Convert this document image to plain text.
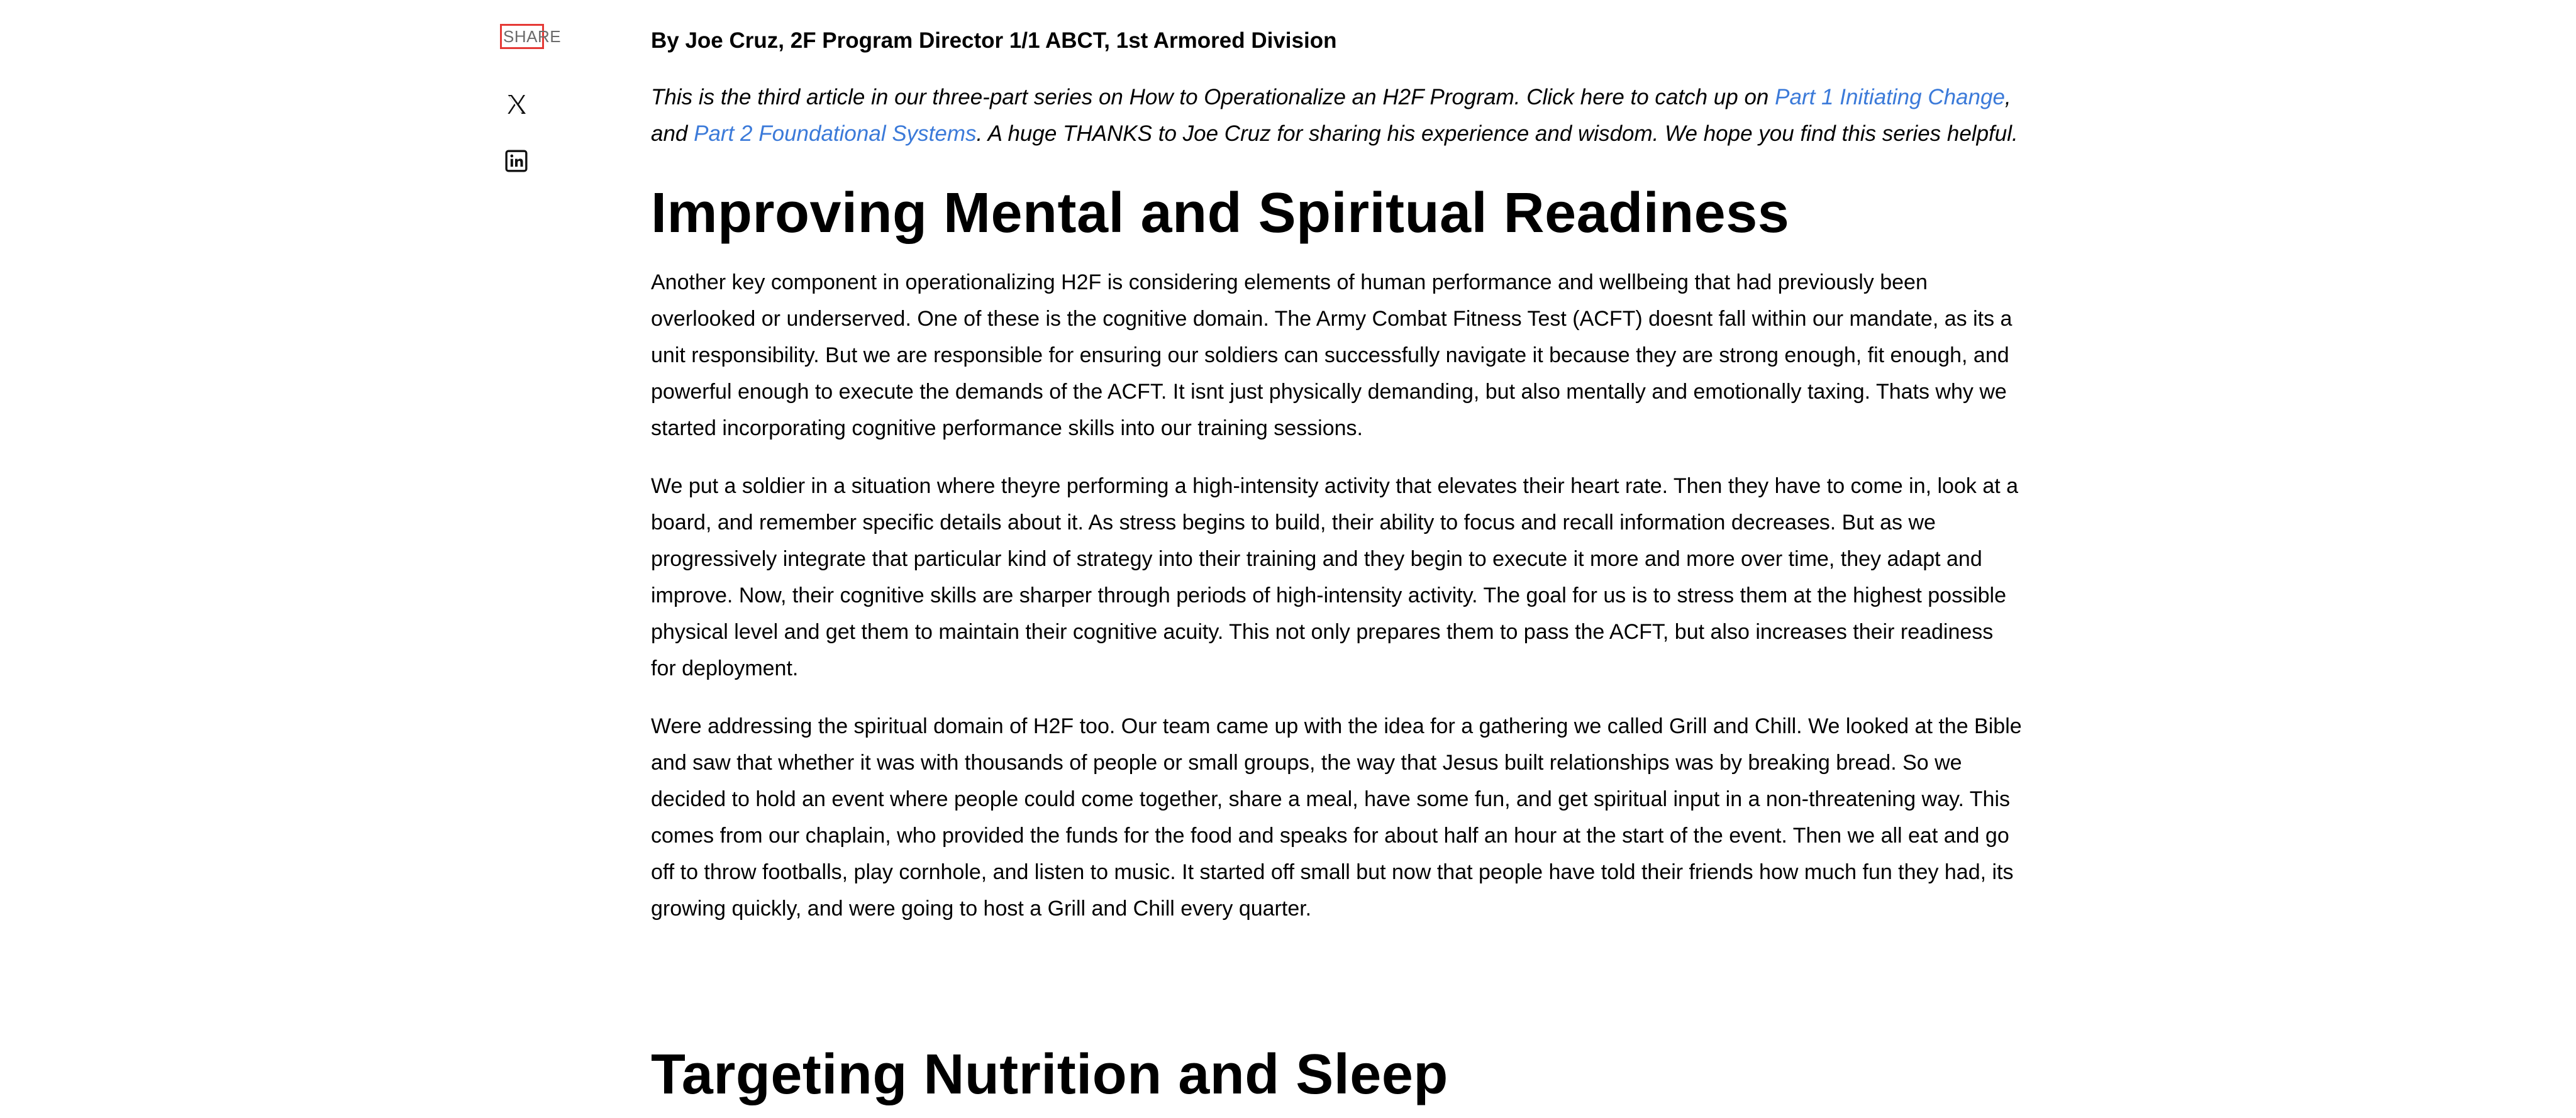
SHARE	By Joe Cruz, 2F Program Director 1/1 ABCT, 1st Armored Division

This is the third article in our three-part series on How to Operationalize an H2F Program. Click here to catch up on Part 1 Initiating Change, and Part 2 Foundational Systems. A huge THANKS to Joe Cruz for sharing his experience and wisdom. We hope you find this series helpful.

Improving Mental and Spiritual Readiness

Another key component in operationalizing H2F is considering elements of human performance and wellbeing that had previously been overlooked or underserved. One of these is the cognitive domain. The Army Combat Fitness Test (ACFT) doesnt fall within our mandate, as its a unit responsibility. But we are responsible for ensuring our soldiers can successfully navigate it because they are strong enough, fit enough, and powerful enough to execute the demands of the ACFT. It isnt just physically demanding, but also mentally and emotionally taxing. Thats why we started incorporating cognitive performance skills into our training sessions.

We put a soldier in a situation where theyre performing a high-intensity activity that elevates their heart rate. Then they have to come in, look at a board, and remember specific details about it. As stress begins to build, their ability to focus and recall information decreases. But as we progressively integrate that particular kind of strategy into their training and they begin to execute it more and more over time, they adapt and improve. Now, their cognitive skills are sharper through periods of high-intensity activity. The goal for us is to stress them at the highest possible physical level and get them to maintain their cognitive acuity. This not only prepares them to pass the ACFT, but also increases their readiness for deployment.

Were addressing the spiritual domain of H2F too. Our team came up with the idea for a gathering we called Grill and Chill. We looked at the Bible and saw that whether it was with thousands of people or small groups, the way that Jesus built relationships was by breaking bread. So we decided to hold an event where people could come together, share a meal, have some fun, and get spiritual input in a non-threatening way. This comes from our chaplain, who provided the funds for the food and speaks for about half an hour at the start of the event. Then we all eat and go off to throw footballs, play cornhole, and listen to music. It started off small but now that people have told their friends how much fun they had, its growing quickly, and were going to host a Grill and Chill every quarter.

Targeting Nutrition and Sleep
